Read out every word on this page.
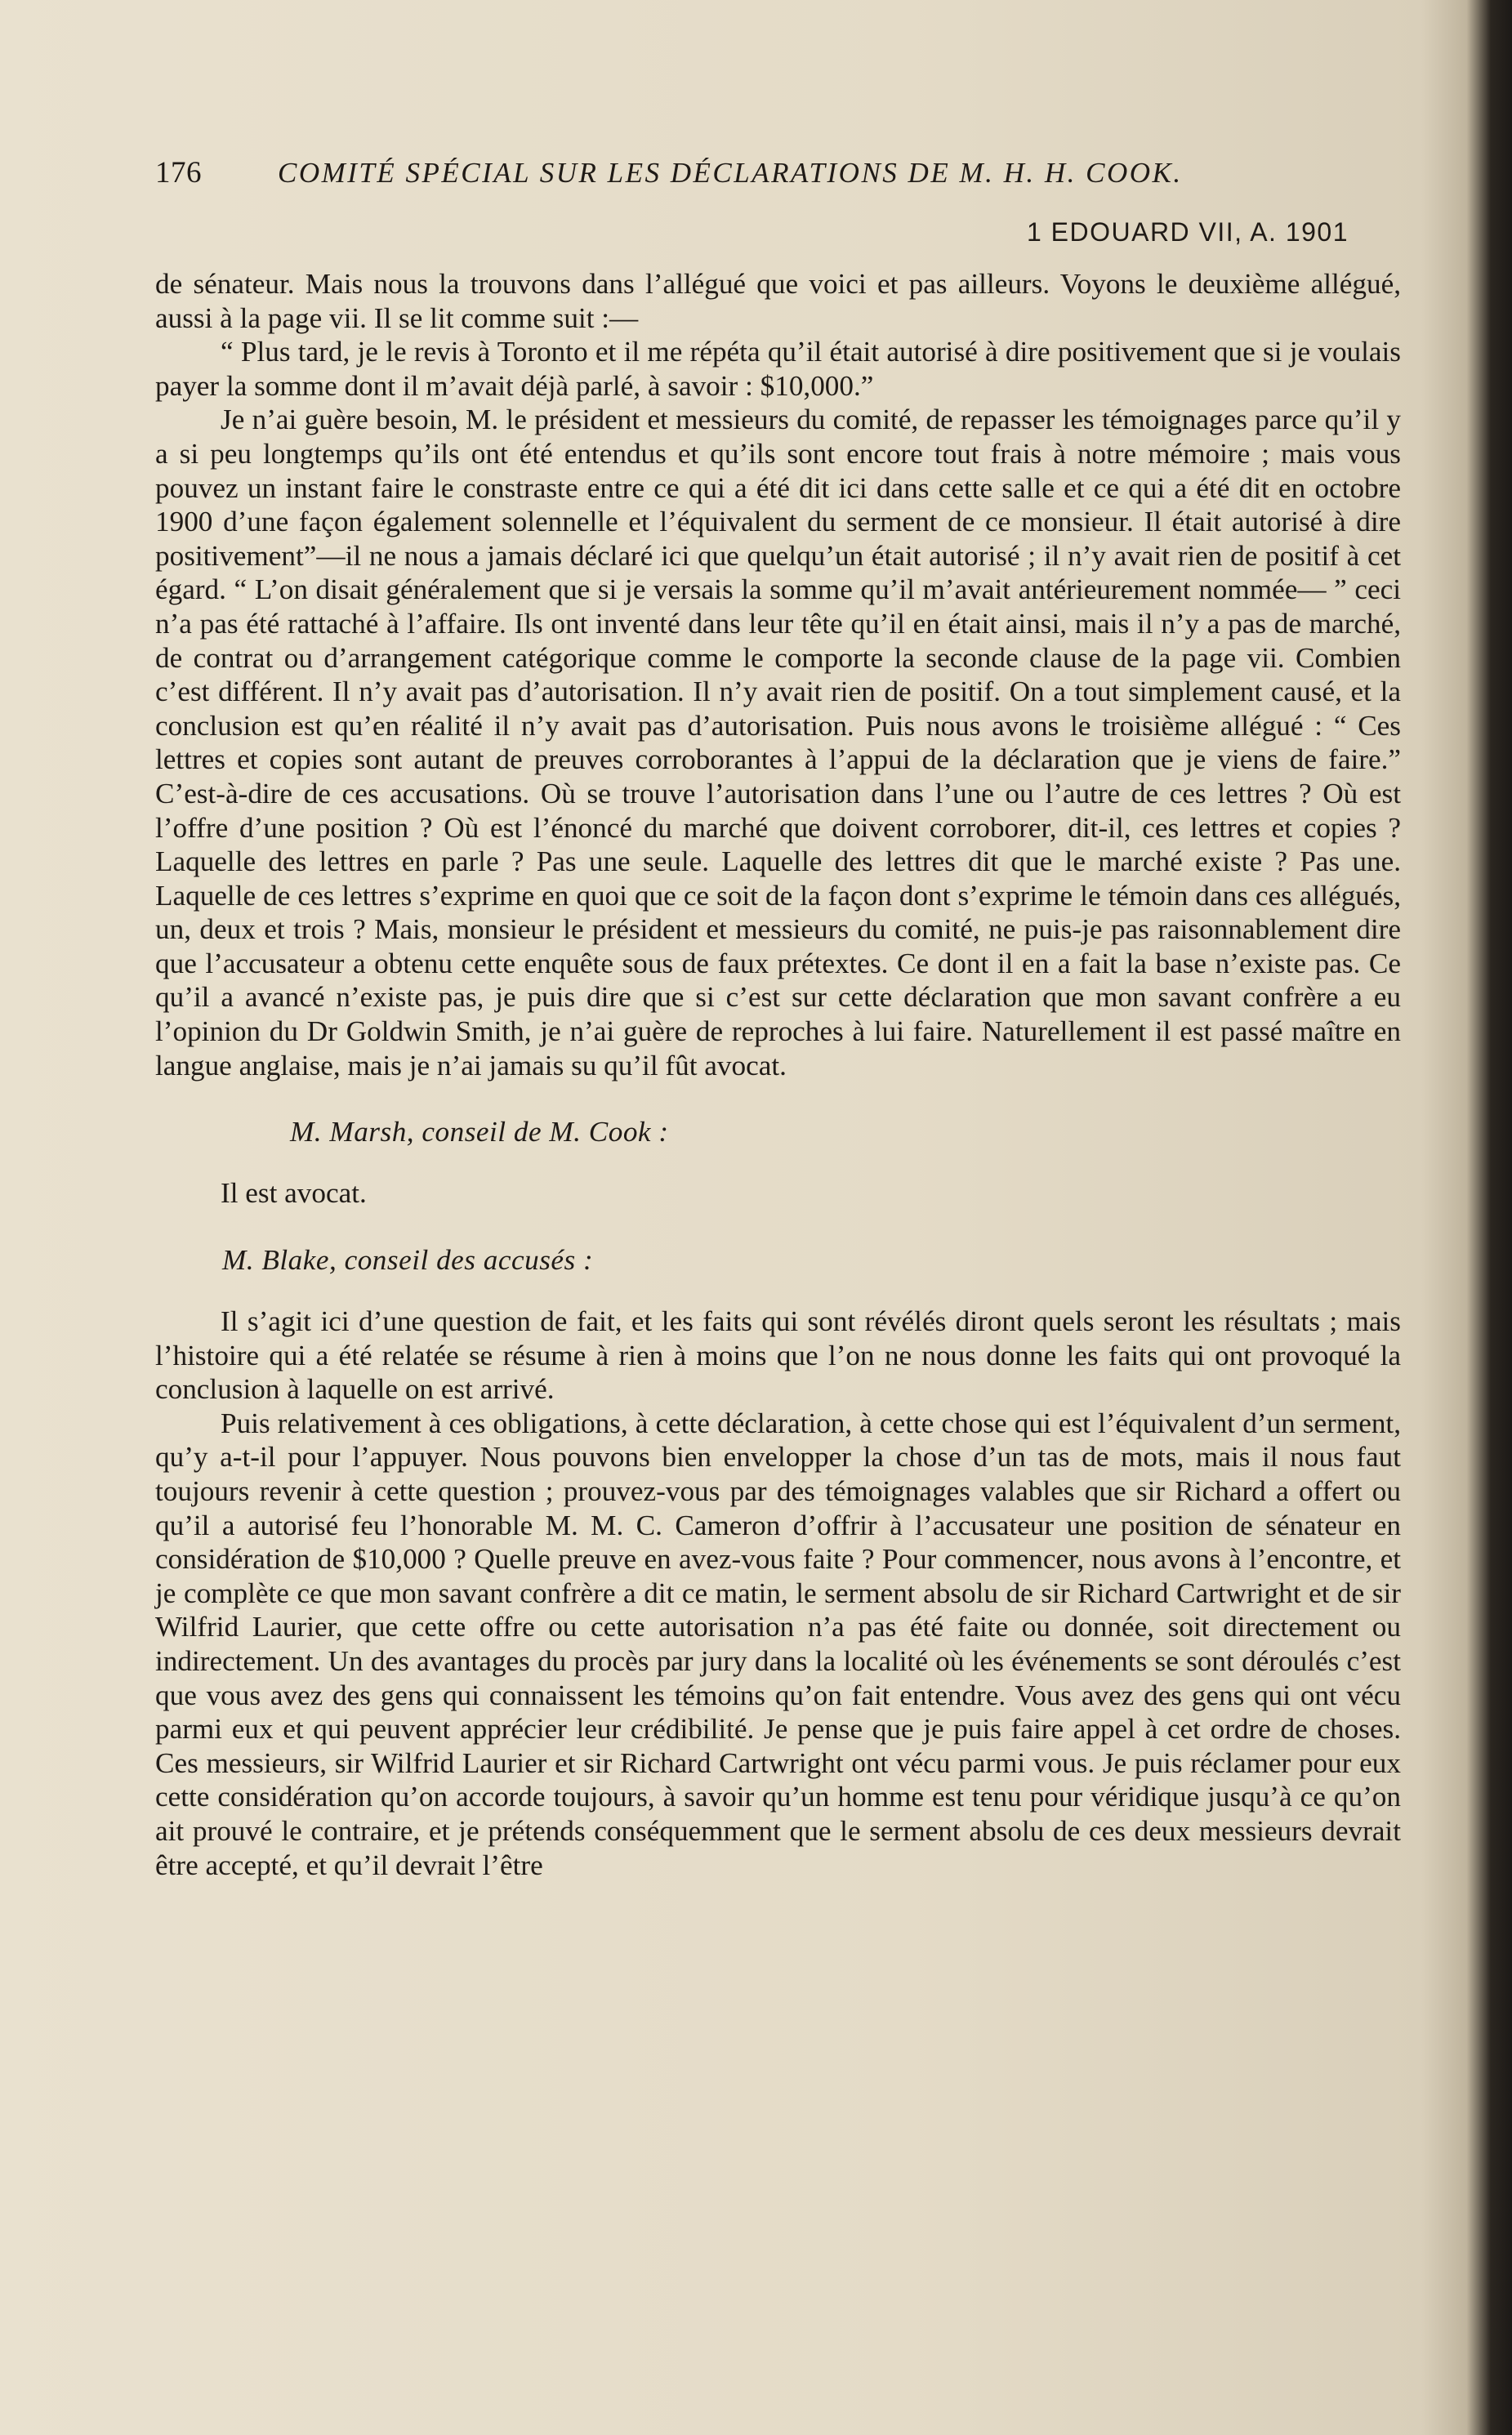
176	COMITÉ SPÉCIAL SUR LES DÉCLARATIONS DE M. H. H. COOK.
1 EDOUARD VII, A. 1901

de sénateur. Mais nous la trouvons dans l’allégué que voici et pas ailleurs. Voyons le deuxième allégué, aussi à la page vii. Il se lit comme suit :—

“ Plus tard, je le revis à Toronto et il me répéta qu’il était autorisé à dire positivement que si je voulais payer la somme dont il m’avait déjà parlé, à savoir : $10,000.”

Je n’ai guère besoin, M. le président et messieurs du comité, de repasser les témoignages parce qu’il y a si peu longtemps qu’ils ont été entendus et qu’ils sont encore tout frais à notre mémoire ; mais vous pouvez un instant faire le constraste entre ce qui a été dit ici dans cette salle et ce qui a été dit en octobre 1900 d’une façon également solennelle et l’équivalent du serment de ce monsieur. Il était autorisé à dire positivement”—il ne nous a jamais déclaré ici que quelqu’un était autorisé ; il n’y avait rien de positif à cet égard. “ L’on disait généralement que si je versais la somme qu’il m’avait antérieurement nommée— ” ceci n’a pas été rattaché à l’affaire. Ils ont inventé dans leur tête qu’il en était ainsi, mais il n’y a pas de marché, de contrat ou d’arrangement catégorique comme le comporte la seconde clause de la page vii. Combien c’est différent. Il n’y avait pas d’autorisation. Il n’y avait rien de positif. On a tout simplement causé, et la conclusion est qu’en réalité il n’y avait pas d’autorisation. Puis nous avons le troisième allégué : “ Ces lettres et copies sont autant de preuves corroborantes à l’appui de la déclaration que je viens de faire.” C’est-à-dire de ces accusations. Où se trouve l’autorisation dans l’une ou l’autre de ces lettres ? Où est l’offre d’une position ? Où est l’énoncé du marché que doivent corroborer, dit-il, ces lettres et copies ? Laquelle des lettres en parle ? Pas une seule. Laquelle des lettres dit que le marché existe ? Pas une. Laquelle de ces lettres s’exprime en quoi que ce soit de la façon dont s’exprime le témoin dans ces allégués, un, deux et trois ? Mais, monsieur le président et messieurs du comité, ne puis-je pas raisonnablement dire que l’accusateur a obtenu cette enquête sous de faux prétextes. Ce dont il en a fait la base n’existe pas. Ce qu’il a avancé n’existe pas, je puis dire que si c’est sur cette déclaration que mon savant confrère a eu l’opinion du Dr Goldwin Smith, je n’ai guère de reproches à lui faire. Naturellement il est passé maître en langue anglaise, mais je n’ai jamais su qu’il fût avocat.

M. Marsh, conseil de M. Cook :

Il est avocat.

M. Blake, conseil des accusés :

Il s’agit ici d’une question de fait, et les faits qui sont révélés diront quels seront les résultats ; mais l’histoire qui a été relatée se résume à rien à moins que l’on ne nous donne les faits qui ont provoqué la conclusion à laquelle on est arrivé.

Puis relativement à ces obligations, à cette déclaration, à cette chose qui est l’équivalent d’un serment, qu’y a-t-il pour l’appuyer. Nous pouvons bien envelopper la chose d’un tas de mots, mais il nous faut toujours revenir à cette question ; prouvez-vous par des témoignages valables que sir Richard a offert ou qu’il a autorisé feu l’honorable M. M. C. Cameron d’offrir à l’accusateur une position de sénateur en considération de $10,000 ? Quelle preuve en avez-vous faite ? Pour commencer, nous avons à l’encontre, et je complète ce que mon savant confrère a dit ce matin, le serment absolu de sir Richard Cartwright et de sir Wilfrid Laurier, que cette offre ou cette autorisation n’a pas été faite ou donnée, soit directement ou indirectement. Un des avantages du procès par jury dans la localité où les événements se sont déroulés c’est que vous avez des gens qui connaissent les témoins qu’on fait entendre. Vous avez des gens qui ont vécu parmi eux et qui peuvent apprécier leur crédibilité. Je pense que je puis faire appel à cet ordre de choses. Ces messieurs, sir Wilfrid Laurier et sir Richard Cartwright ont vécu parmi vous. Je puis réclamer pour eux cette considération qu’on accorde toujours, à savoir qu’un homme est tenu pour véridique jusqu’à ce qu’on ait prouvé le contraire, et je prétends conséquemment que le serment absolu de ces deux messieurs devrait être accepté, et qu’il devrait l’être
